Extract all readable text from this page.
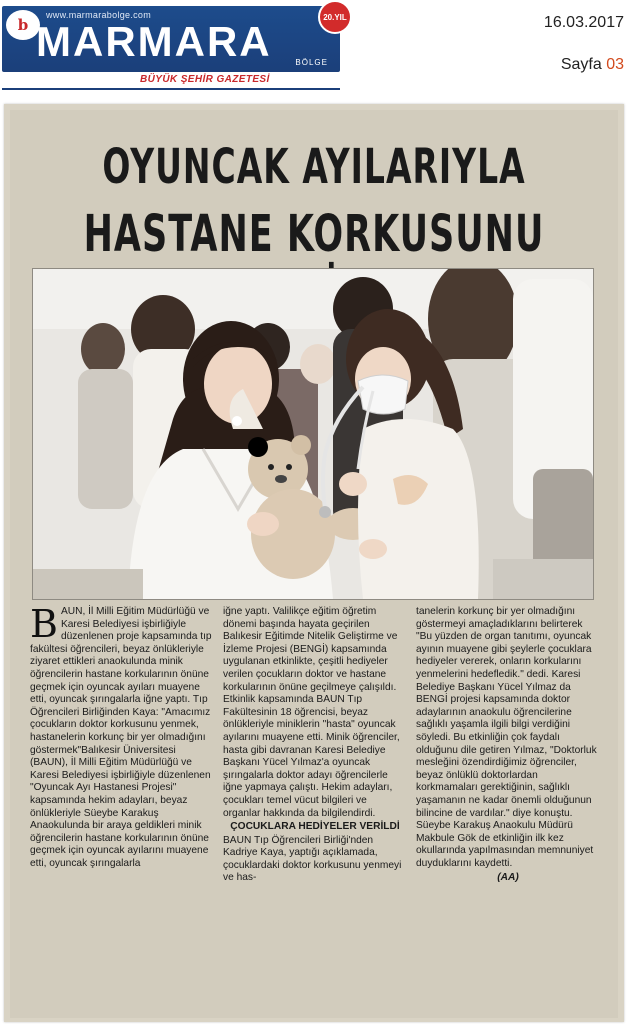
b
www.marmarabolge.com
MARMARA	BÖLGE
20.YIL
BÜYÜK ŞEHİR GAZETESİ
16.03.2017
Sayfa 03
OYUNCAK AYILARIYLA
HASTANE KORKUSUNU

BAUN, İl Milli Eğitim Müdürlüğü ve Karesi Belediyesi işbirliğiyle düzenlenen proje kapsamında tıp fakültesi öğrencileri, beyaz önlükleriyle ziyaret ettikleri anaokulunda minik öğrencilerin hastane korkularının önüne geçmek için oyuncak ayıları muayene etti, oyuncak şırıngalarla iğne yaptı. Tıp Öğrencileri Birliğinden Kaya: "Amacımız çocukların doktor korkusunu yenmek, hastanelerin korkunç bir yer olmadığını göstermek"Balıkesir Üniversitesi (BAUN), İl Milli Eğitim Müdürlüğü ve Karesi Belediyesi işbirliğiyle düzenlenen "Oyuncak Ayı Hastanesi Projesi" kapsamında hekim adayları, beyaz önlükleriyle Süeybe Karakuş Anaokulunda bir araya geldikleri minik öğrencilerin hastane korkularının önüne geçmek için oyuncak ayılarını muayene etti, oyuncak şırıngalarla

iğne yaptı. Valilikçe eğitim öğretim dönemi başında hayata geçirilen Balıkesir Eğitimde Nitelik Geliştirme ve İzleme Projesi (BENGİ) kapsamında uygulanan etkinlikte, çeşitli hediyeler verilen çocukların doktor ve hastane korkularının önüne geçilmeye çalışıldı. Etkinlik kapsamında BAUN Tıp Fakültesinin 18 öğrencisi, beyaz önlükleriyle miniklerin "hasta" oyuncak ayılarını muayene etti. Minik öğrenciler, hasta gibi davranan Karesi Belediye Başkanı Yücel Yılmaz'a oyuncak şırıngalarla doktor adayı öğrencilerle iğne yapmaya çalıştı. Hekim adayları, çocukları temel vücut bilgileri ve organlar hakkında da bilgilendirdi.

ÇOCUKLARA HEDİYELER VERİLDİ

BAUN Tıp Öğrencileri Birliği'nden Kadriye Kaya, yaptığı açıklamada, çocuklardaki doktor korkusunu yenmeyi ve has-

tanelerin korkunç bir yer olmadığını göstermeyi amaçladıklarını belirterek "Bu yüzden de organ tanıtımı, oyuncak ayının muayene gibi şeylerle çocuklara hediyeler vererek, onların korkularını yenmelerini hedefledik." dedi. Karesi Belediye Başkanı Yücel Yılmaz da BENGİ projesi kapsamında doktor adaylarının anaokulu öğrencilerine sağlıklı yaşamla ilgili bilgi verdiğini söyledi. Bu etkinliğin çok faydalı olduğunu dile getiren Yılmaz, "Doktorluk mesleğini özendirdiğimiz öğrenciler, beyaz önlüklü doktorlardan korkmamaları gerektiğinin, sağlıklı yaşamanın ne kadar önemli olduğunun bilincine de vardılar." diye konuştu. Süeybe Karakuş Anaokulu Müdürü Makbule Gök de etkinliğin ilk kez okullarında yapılmasından memnuniyet duyduklarını kaydetti.

(AA)
